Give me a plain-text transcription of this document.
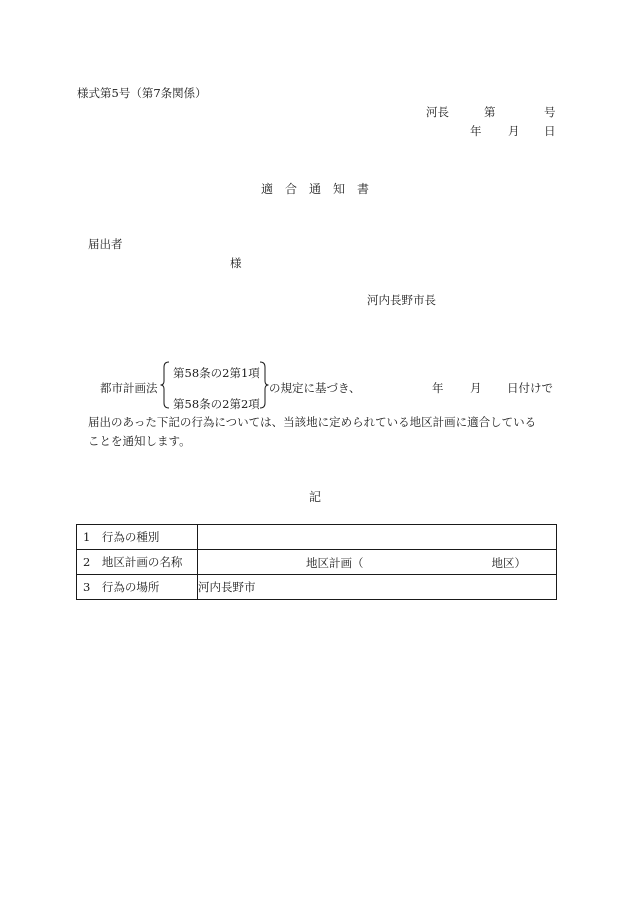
様式第5号（第7条関係）
河長	第	号
年 月 日
適合通知書
届出者
様
河内長野市長
都市計画法
第58条の2第1項
第58条の2第2項
の規定に基づき、	年 月 日付けで
届出のあった下記の行為については、当該地に定められている地区計画に適合している
ことを通知します。
記
1　行為の種別	
2　地区計画の名称	地区計画（ 地区）

3　行為の場所	河内長野市
